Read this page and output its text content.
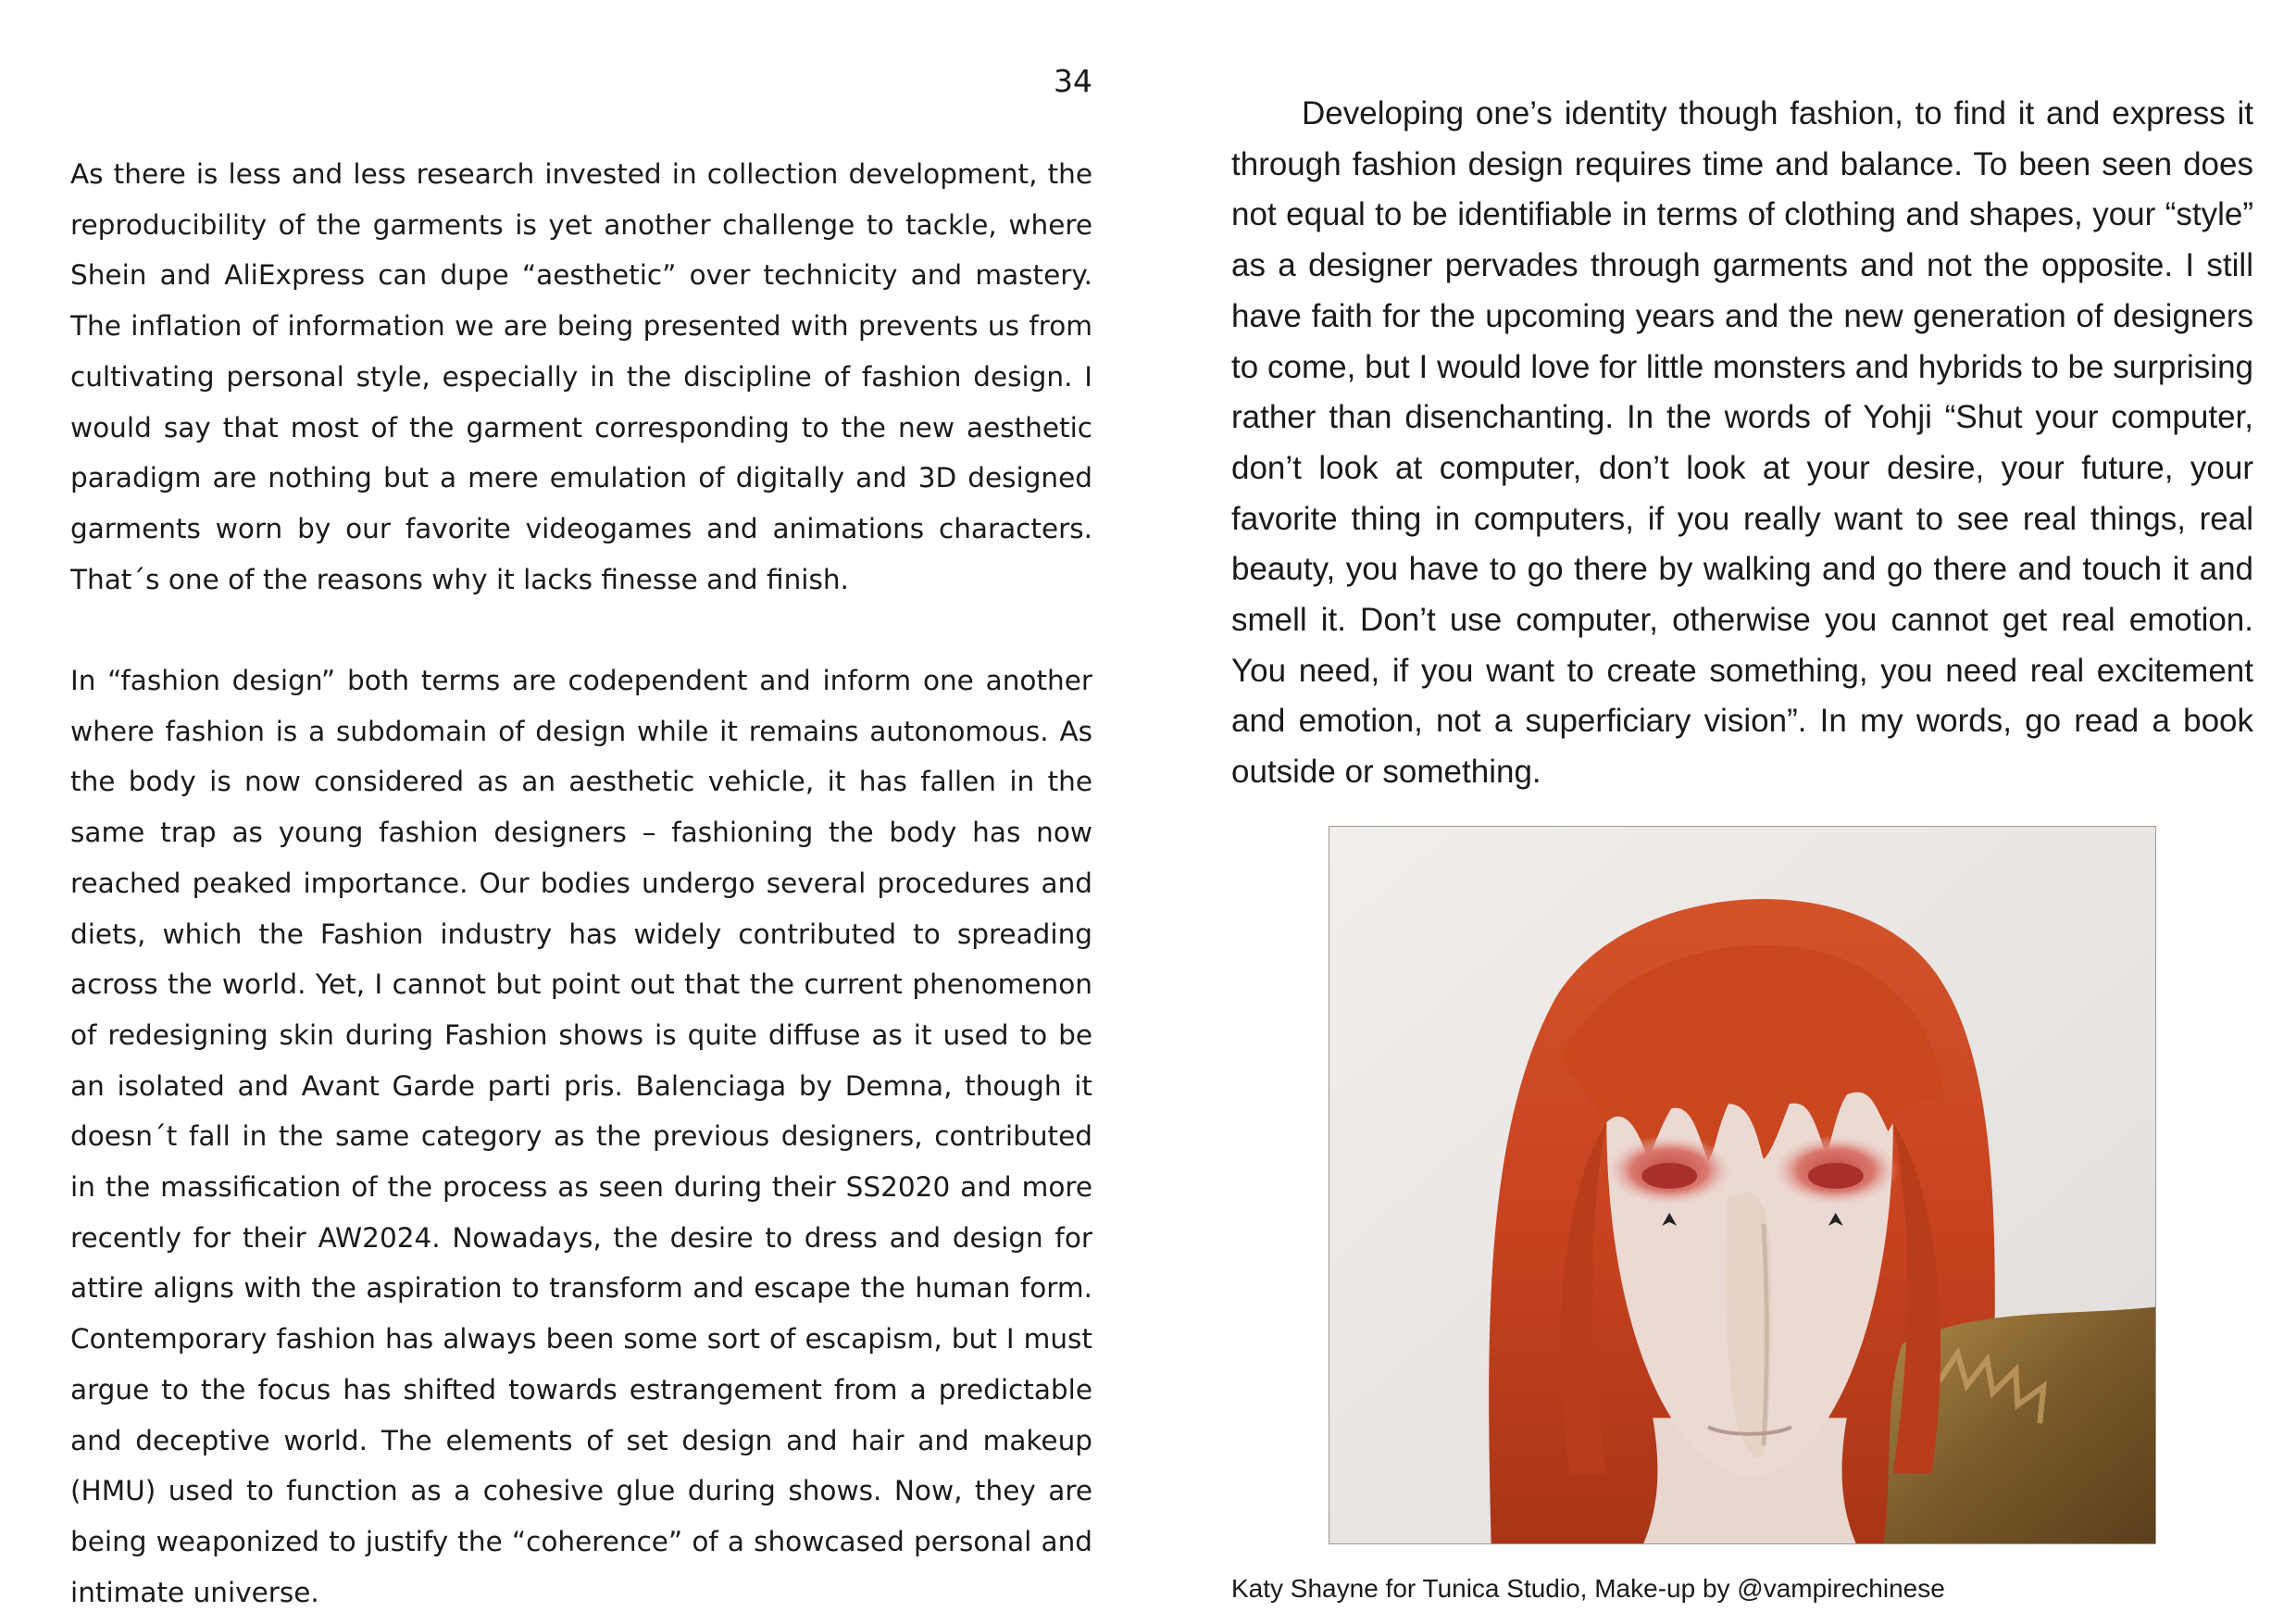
34

As there is less and less research invested in collection development, the reproducibility of the garments is yet another challenge to tackle, where Shein and AliExpress can dupe “aesthetic” over technicity and mastery. The inflation of information we are being presented with prevents us from cultivating personal style, especially in the discipline of fashion design. I would say that most of the garment corresponding to the new aesthetic paradigm are nothing but a mere emulation of digitally and 3D designed garments worn by our favorite videogames and animations characters. That´s one of the reasons why it lacks finesse and finish.

In “fashion design” both terms are codependent and inform one another where fashion is a subdomain of design while it remains autonomous. As the body is now considered as an aesthetic vehicle, it has fallen in the same trap as young fashion designers – fashioning the body has now reached peaked importance. Our bodies undergo several procedures and diets, which the Fashion industry has widely contributed to spreading across the world. Yet, I cannot but point out that the current phenomenon of redesigning skin during Fashion shows is quite diffuse as it used to be an isolated and Avant Garde parti pris. Balenciaga by Demna, though it doesn´t fall in the same category as the previous designers, contributed in the massification of the process as seen during their SS2020 and more recently for their AW2024. Nowadays, the desire to dress and design for attire aligns with the aspiration to transform and escape the human form. Contemporary fashion has always been some sort of escapism, but I must argue to the focus has shifted towards estrangement from a predictable and deceptive world. The elements of set design and hair and makeup (HMU) used to function as a cohesive glue during shows. Now, they are being weaponized to justify the “coherence” of a showcased personal and intimate universe.

Developing one’s identity though fashion, to find it and express it through fashion design requires time and balance. To been seen does not equal to be identifiable in terms of clothing and shapes, your “style” as a designer pervades through garments and not the opposite. I still have faith for the upcoming years and the new generation of designers to come, but I would love for little monsters and hybrids to be surprising rather than disenchanting. In the words of Yohji “Shut your computer, don’t look at computer, don’t look at your desire, your future, your favorite thing in computers, if you really want to see real things, real beauty, you have to go there by walking and go there and touch it and smell it. Don’t use computer, otherwise you cannot get real emotion. You need, if you want to create something, you need real excitement and emotion, not a superficiary vision”. In my words, go read a book outside or something.

Katy Shayne for Tunica Studio, Make-up by @vampirechinese
